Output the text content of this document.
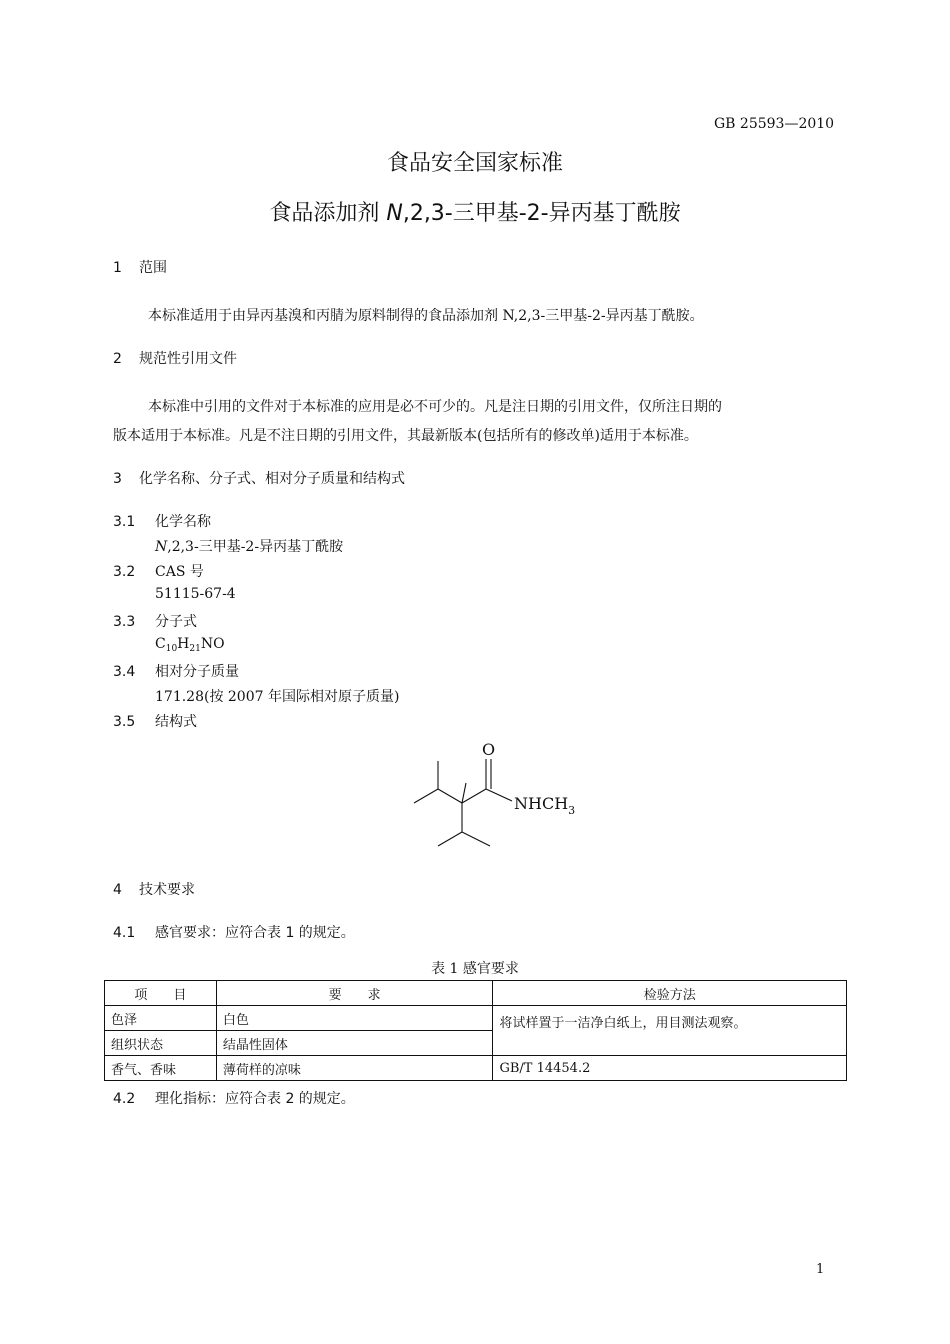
GB 25593—2010
食品安全国家标准
食品添加剂 N,2,3-三甲基-2-异丙基丁酰胺
1 范围
本标准适用于由异丙基溴和丙腈为原料制得的食品添加剂 N,2,3-三甲基-2-异丙基丁酰胺。
2 规范性引用文件
本标准中引用的文件对于本标准的应用是必不可少的。凡是注日期的引用文件，仅所注日期的
版本适用于本标准。凡是不注日期的引用文件，其最新版本(包括所有的修改单)适用于本标准。
3 化学名称、分子式、相对分子质量和结构式
3.1 化学名称
N,2,3-三甲基-2-异丙基丁酰胺
3.2 CAS 号
51115-67-4
3.3 分子式
$C_{10}H_{21}NO$
3.4 相对分子质量
171.28(按 2007 年国际相对原子质量)
3.5 结构式
O
$NHCH_3$
4 技术要求
4.1 感官要求：应符合表 1 的规定。
表 1 感官要求
项　　目	要　　求	检验方法
色泽	白色	将试样置于一洁净白纸上，用目测法观察。
组织状态	结晶性固体	
香气、香味	薄荷样的凉味	GB/T 14454.2
4.2 理化指标：应符合表 2 的规定。
1
